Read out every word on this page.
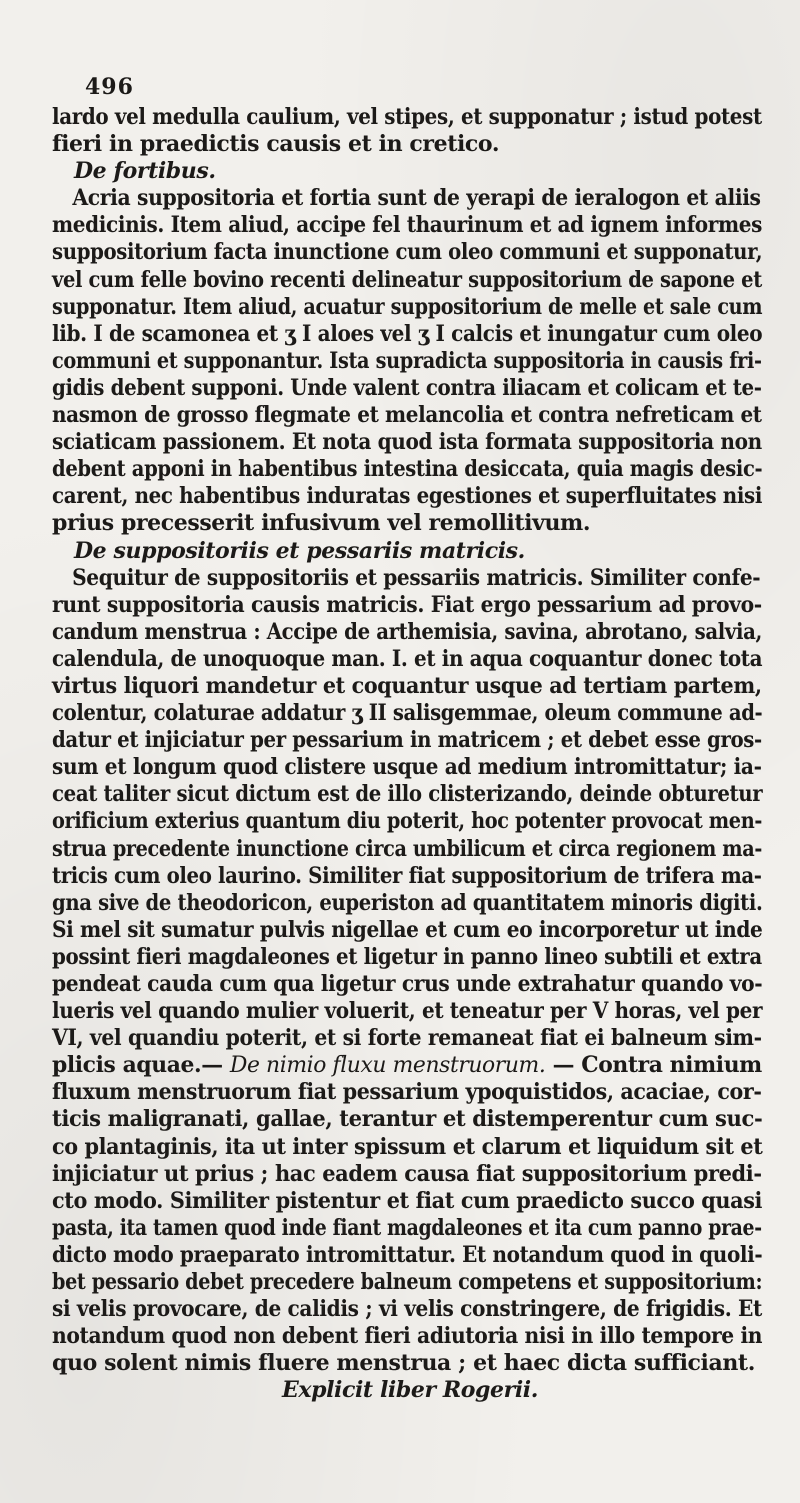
496
lardo vel medulla caulium, vel stipes, et supponatur ; istud potest
fieri in praedictis causis et in cretico.
De fortibus.
Acria suppositoria et fortia sunt de yerapi de ieralogon et aliis
medicinis. Item aliud, accipe fel thaurinum et ad ignem informes
suppositorium facta inunctione cum oleo communi et supponatur,
vel cum felle bovino recenti delineatur suppositorium de sapone et
supponatur. Item aliud, acuatur suppositorium de melle et sale cum
lib. I de scamonea et ʒ I aloes vel ʒ I calcis et inungatur cum oleo
communi et supponantur. Ista supradicta suppositoria in causis fri-
gidis debent supponi. Unde valent contra iliacam et colicam et te-
nasmon de grosso flegmate et melancolia et contra nefreticam et
sciaticam passionem. Et nota quod ista formata suppositoria non
debent apponi in habentibus intestina desiccata, quia magis desic-
carent, nec habentibus induratas egestiones et superfluitates nisi
prius precesserit infusivum vel remollitivum.
De suppositoriis et pessariis matricis.
Sequitur de suppositoriis et pessariis matricis. Similiter confe-
runt suppositoria causis matricis. Fiat ergo pessarium ad provo-
candum menstrua : Accipe de arthemisia, savina, abrotano, salvia,
calendula, de unoquoque man. I. et in aqua coquantur donec tota
virtus liquori mandetur et coquantur usque ad tertiam partem,
colentur, colaturae addatur ʒ II salisgemmae, oleum commune ad-
datur et injiciatur per pessarium in matricem ; et debet esse gros-
sum et longum quod clistere usque ad medium intromittatur; ia-
ceat taliter sicut dictum est de illo clisterizando, deinde obturetur
orificium exterius quantum diu poterit, hoc potenter provocat men-
strua precedente inunctione circa umbilicum et circa regionem ma-
tricis cum oleo laurino. Similiter fiat suppositorium de trifera ma-
gna sive de theodoricon, euperiston ad quantitatem minoris digiti.
Si mel sit sumatur pulvis nigellae et cum eo incorporetur ut inde
possint fieri magdaleones et ligetur in panno lineo subtili et extra
pendeat cauda cum qua ligetur crus unde extrahatur quando vo-
lueris vel quando mulier voluerit, et teneatur per V horas, vel per
VI, vel quandiu poterit, et si forte remaneat fiat ei balneum sim-
plicis aquae.— De nimio fluxu menstruorum. — Contra nimium
fluxum menstruorum fiat pessarium ypoquistidos, acaciae, cor-
ticis maligranati, gallae, terantur et distemperentur cum suc-
co plantaginis, ita ut inter spissum et clarum et liquidum sit et
injiciatur ut prius ; hac eadem causa fiat suppositorium predi-
cto modo. Similiter pistentur et fiat cum praedicto succo quasi
pasta, ita tamen quod inde fiant magdaleones et ita cum panno prae-
dicto modo praeparato intromittatur. Et notandum quod in quoli-
bet pessario debet precedere balneum competens et suppositorium:
si velis provocare, de calidis ; vi velis constringere, de frigidis. Et
notandum quod non debent fieri adiutoria nisi in illo tempore in
quo solent nimis fluere menstrua ; et haec dicta sufficiant.
Explicit liber Rogerii.
